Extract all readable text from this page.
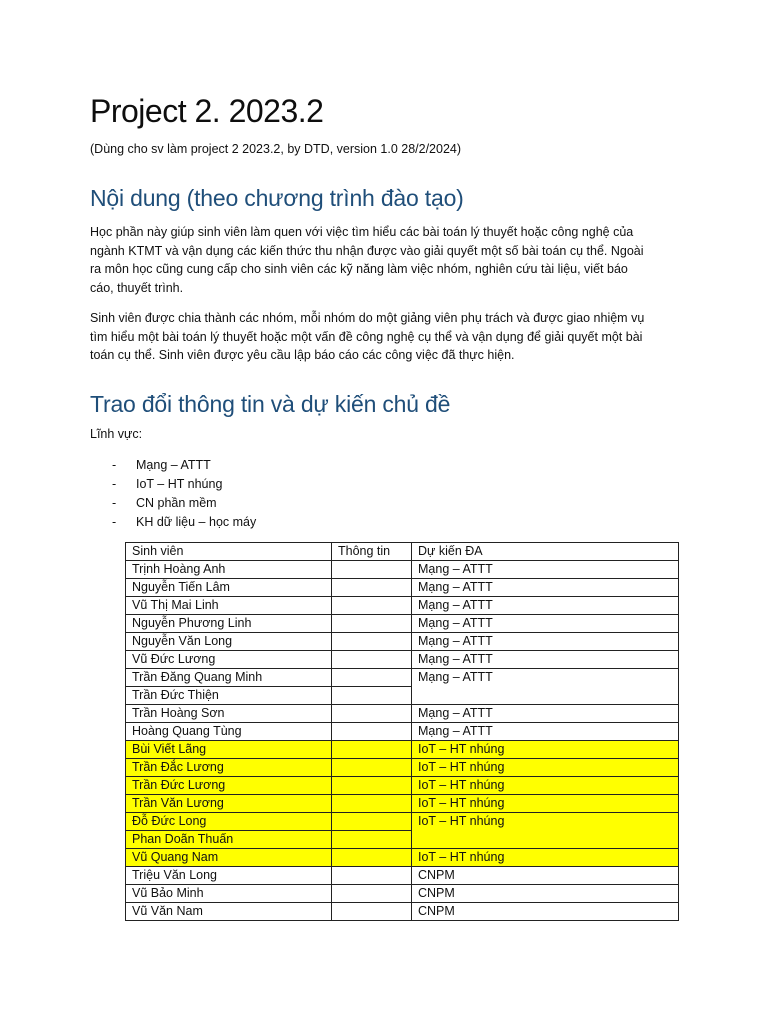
Project 2. 2023.2

(Dùng cho sv làm project 2 2023.2, by DTD, version 1.0 28/2/2024)

Nội dung (theo chương trình đào tạo)

Học phần này giúp sinh viên làm quen với việc tìm hiểu các bài toán lý thuyết hoặc công nghệ của
ngành KTMT và vận dụng các kiến thức thu nhận được vào giải quyết một số bài toán cụ thể. Ngoài
ra môn học cũng cung cấp cho sinh viên các kỹ năng làm việc nhóm, nghiên cứu tài liệu, viết báo
cáo, thuyết trình.

Sinh viên được chia thành các nhóm, mỗi nhóm do một giảng viên phụ trách và được giao nhiệm vụ
tìm hiểu một bài toán lý thuyết hoặc một vấn đề công nghệ cụ thể và vận dụng để giải quyết một bài
toán cụ thể. Sinh viên được yêu cầu lập báo cáo các công việc đã thực hiện.

Trao đổi thông tin và dự kiến chủ đề

Lĩnh vực:

- Mạng – ATTT
- IoT – HT nhúng
- CN phần mềm
- KH dữ liệu – học máy
Sinh viên	Thông tin	Dự kiến ĐA
Trịnh Hoàng Anh		Mạng – ATTT
Nguyễn Tiến Lâm		Mạng – ATTT
Vũ Thị Mai Linh		Mạng – ATTT
Nguyễn Phương Linh		Mạng – ATTT
Nguyễn Văn Long		Mạng – ATTT
Vũ Đức Lương		Mạng – ATTT
Trần Đăng Quang Minh		Mạng – ATTT
Trần Đức Thiện		
Trần Hoàng Sơn		Mạng – ATTT
Hoàng Quang Tùng		Mạng – ATTT
Bùi Viết Lãng		IoT – HT nhúng
Trần Đắc Lương		IoT – HT nhúng
Trần Đức Lương		IoT – HT nhúng
Trần Văn Lương		IoT – HT nhúng
Đỗ Đức Long		IoT – HT nhúng
Phan Doãn Thuấn		
Vũ Quang Nam		IoT – HT nhúng
Triệu Văn Long		CNPM
Vũ Bảo Minh		CNPM
Vũ Văn Nam		CNPM
